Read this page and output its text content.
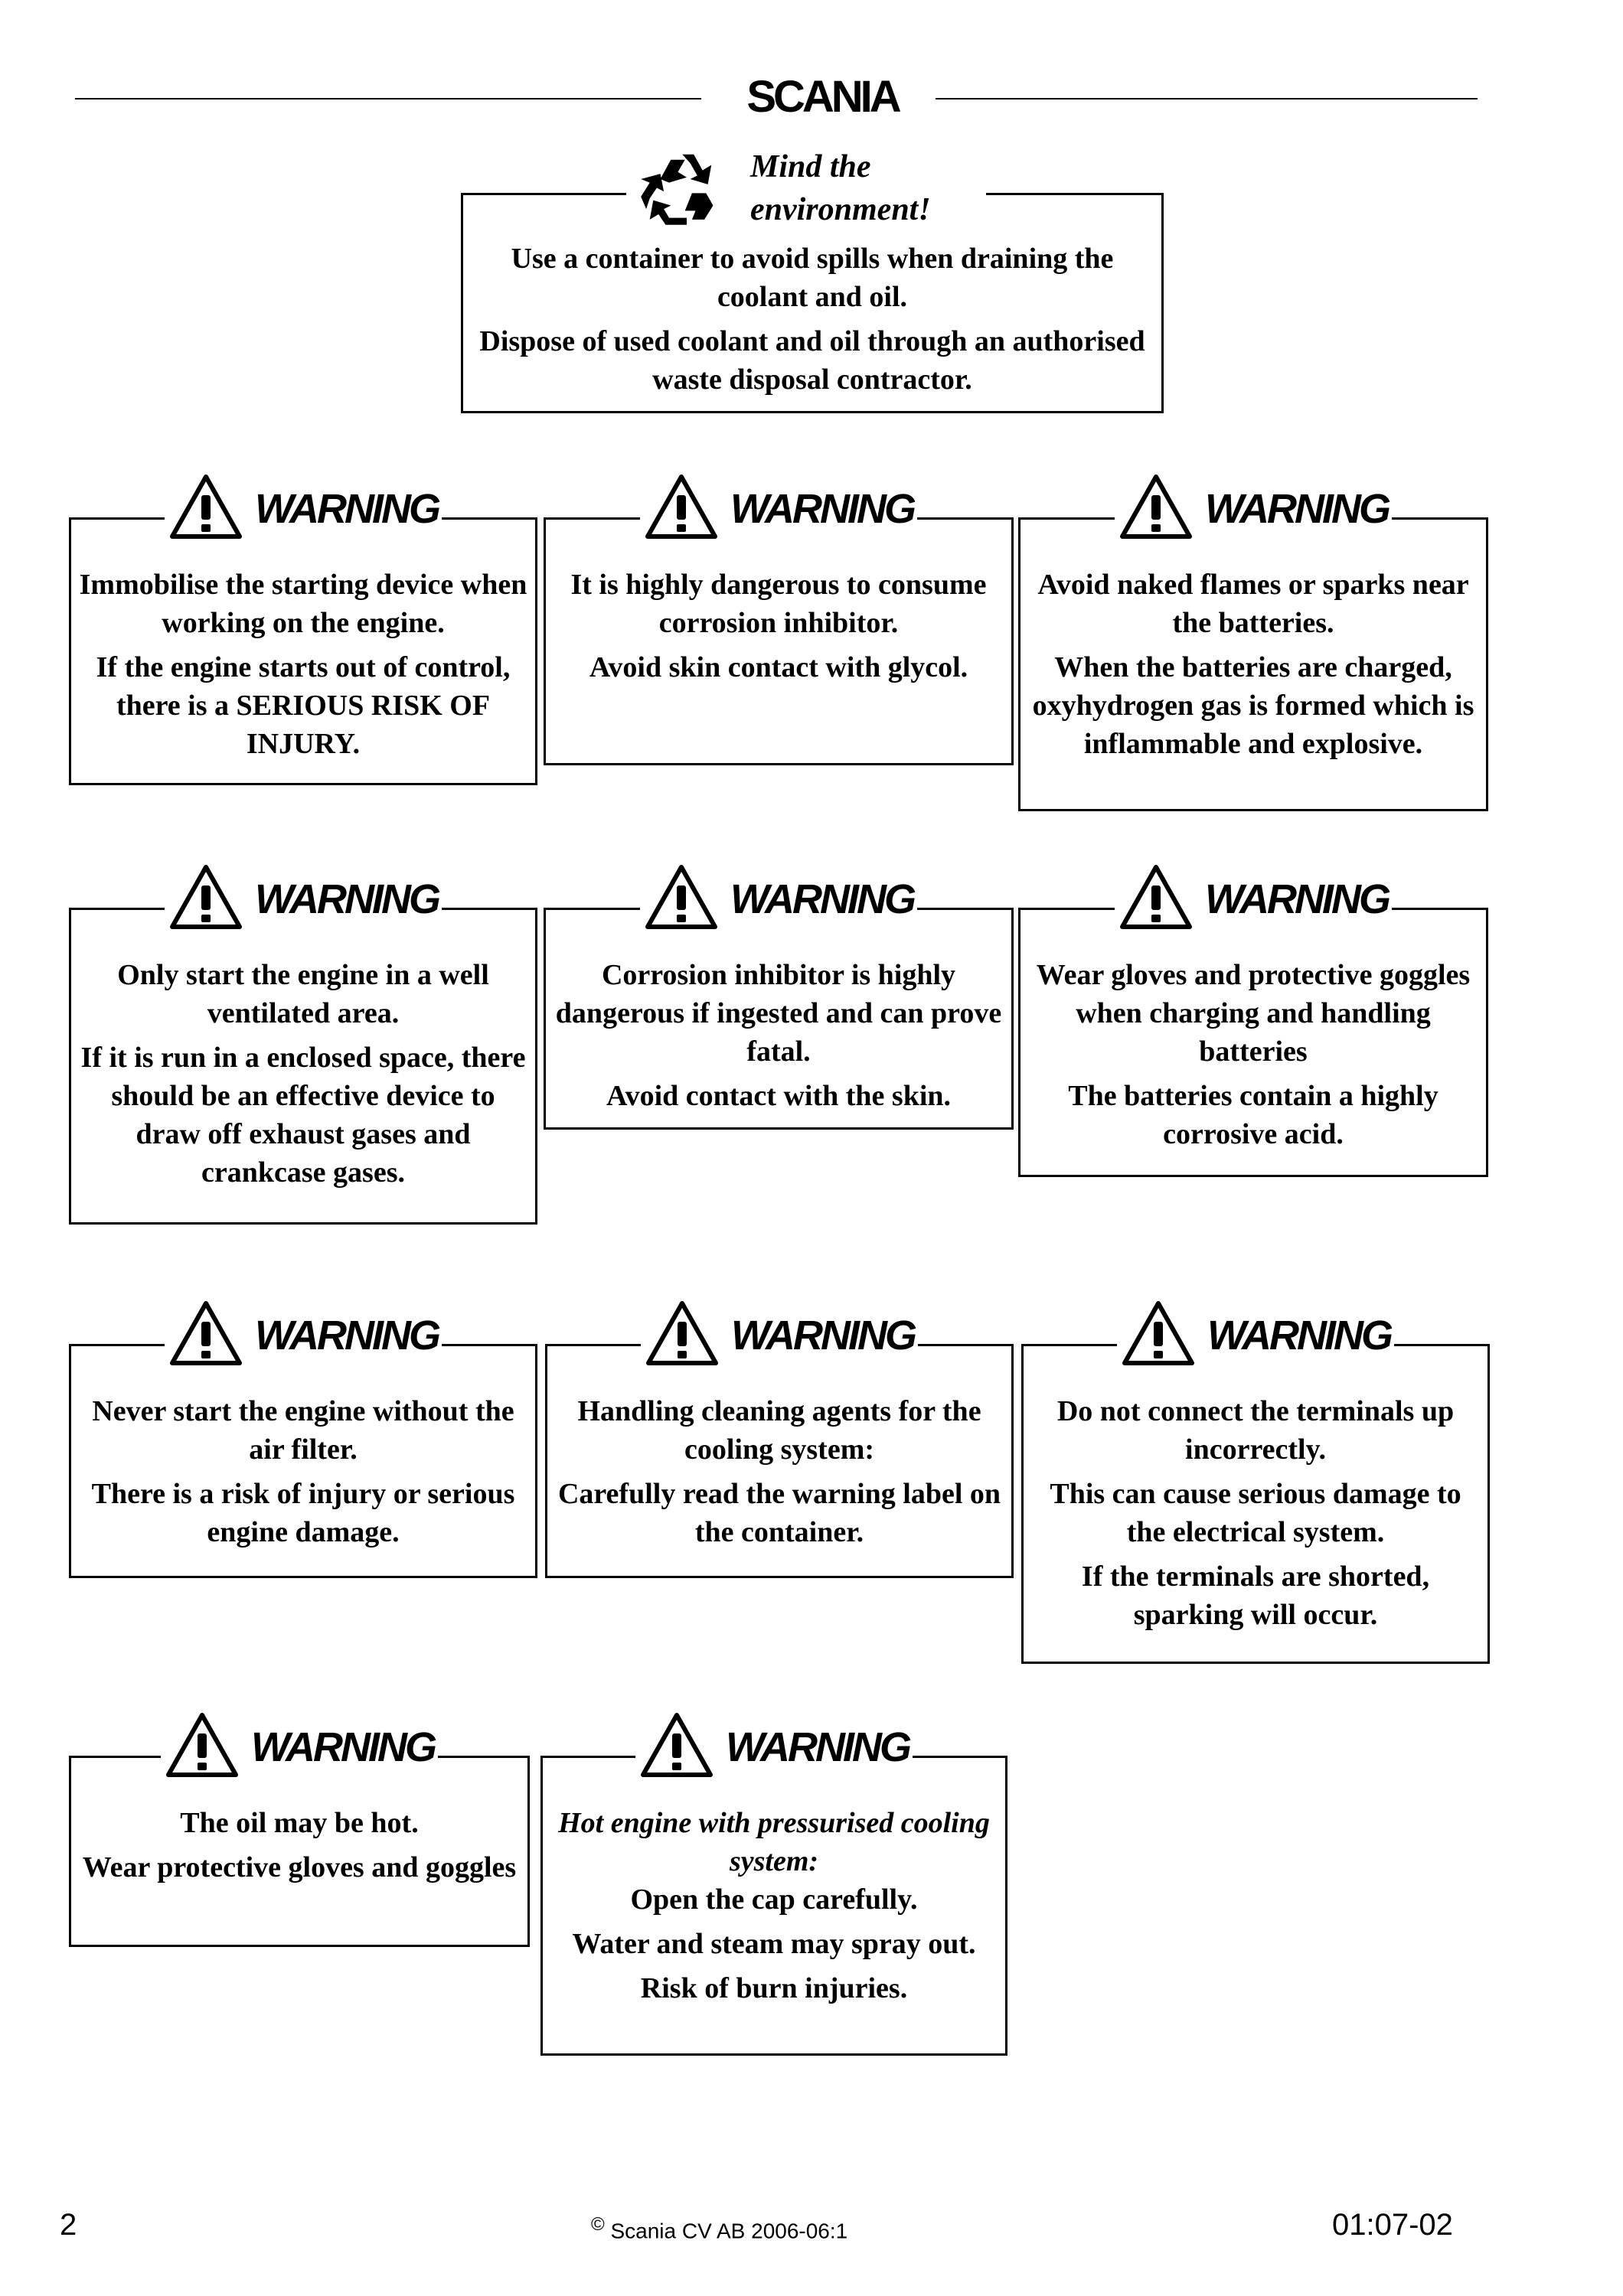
SCANIA

Use a container to avoid spills when draining the coolant and oil.

Dispose of used coolant and oil through an authorised waste disposal contractor.

Mind the
environment!
WARNING

Immobilise the starting device when working on the engine.

If the engine starts out of control, there is a SERIOUS RISK OF INJURY.

WARNING

It is highly dangerous to consume corrosion inhibitor.

Avoid skin contact with glycol.

WARNING

Avoid naked flames or sparks near the batteries.

When the batteries are charged, oxyhydrogen gas is formed which is inflammable and explosive.

WARNING

Only start the engine in a well ventilated area.

If it is run in a enclosed space, there should be an effective device to draw off exhaust gases and crankcase gases.

WARNING

Corrosion inhibitor is highly dangerous if ingested and can prove fatal.

Avoid contact with the skin.

WARNING

Wear gloves and protective goggles when charging and handling batteries

The batteries contain a highly corrosive acid.

WARNING

Never start the engine without the air filter.

There is a risk of injury or serious engine damage.

WARNING

Handling cleaning agents for the cooling system:

Carefully read the warning label on the container.

WARNING

Do not connect the terminals up incorrectly.

This can cause serious damage to the electrical system.

If the terminals are shorted, sparking will occur.

WARNING

The oil may be hot.

Wear protective gloves and goggles

WARNING

Hot engine with pressurised cooling system:

Open the cap carefully.

Water and steam may spray out.

Risk of burn injuries.

2	© Scania CV AB 2006-06:1	01:07-02
